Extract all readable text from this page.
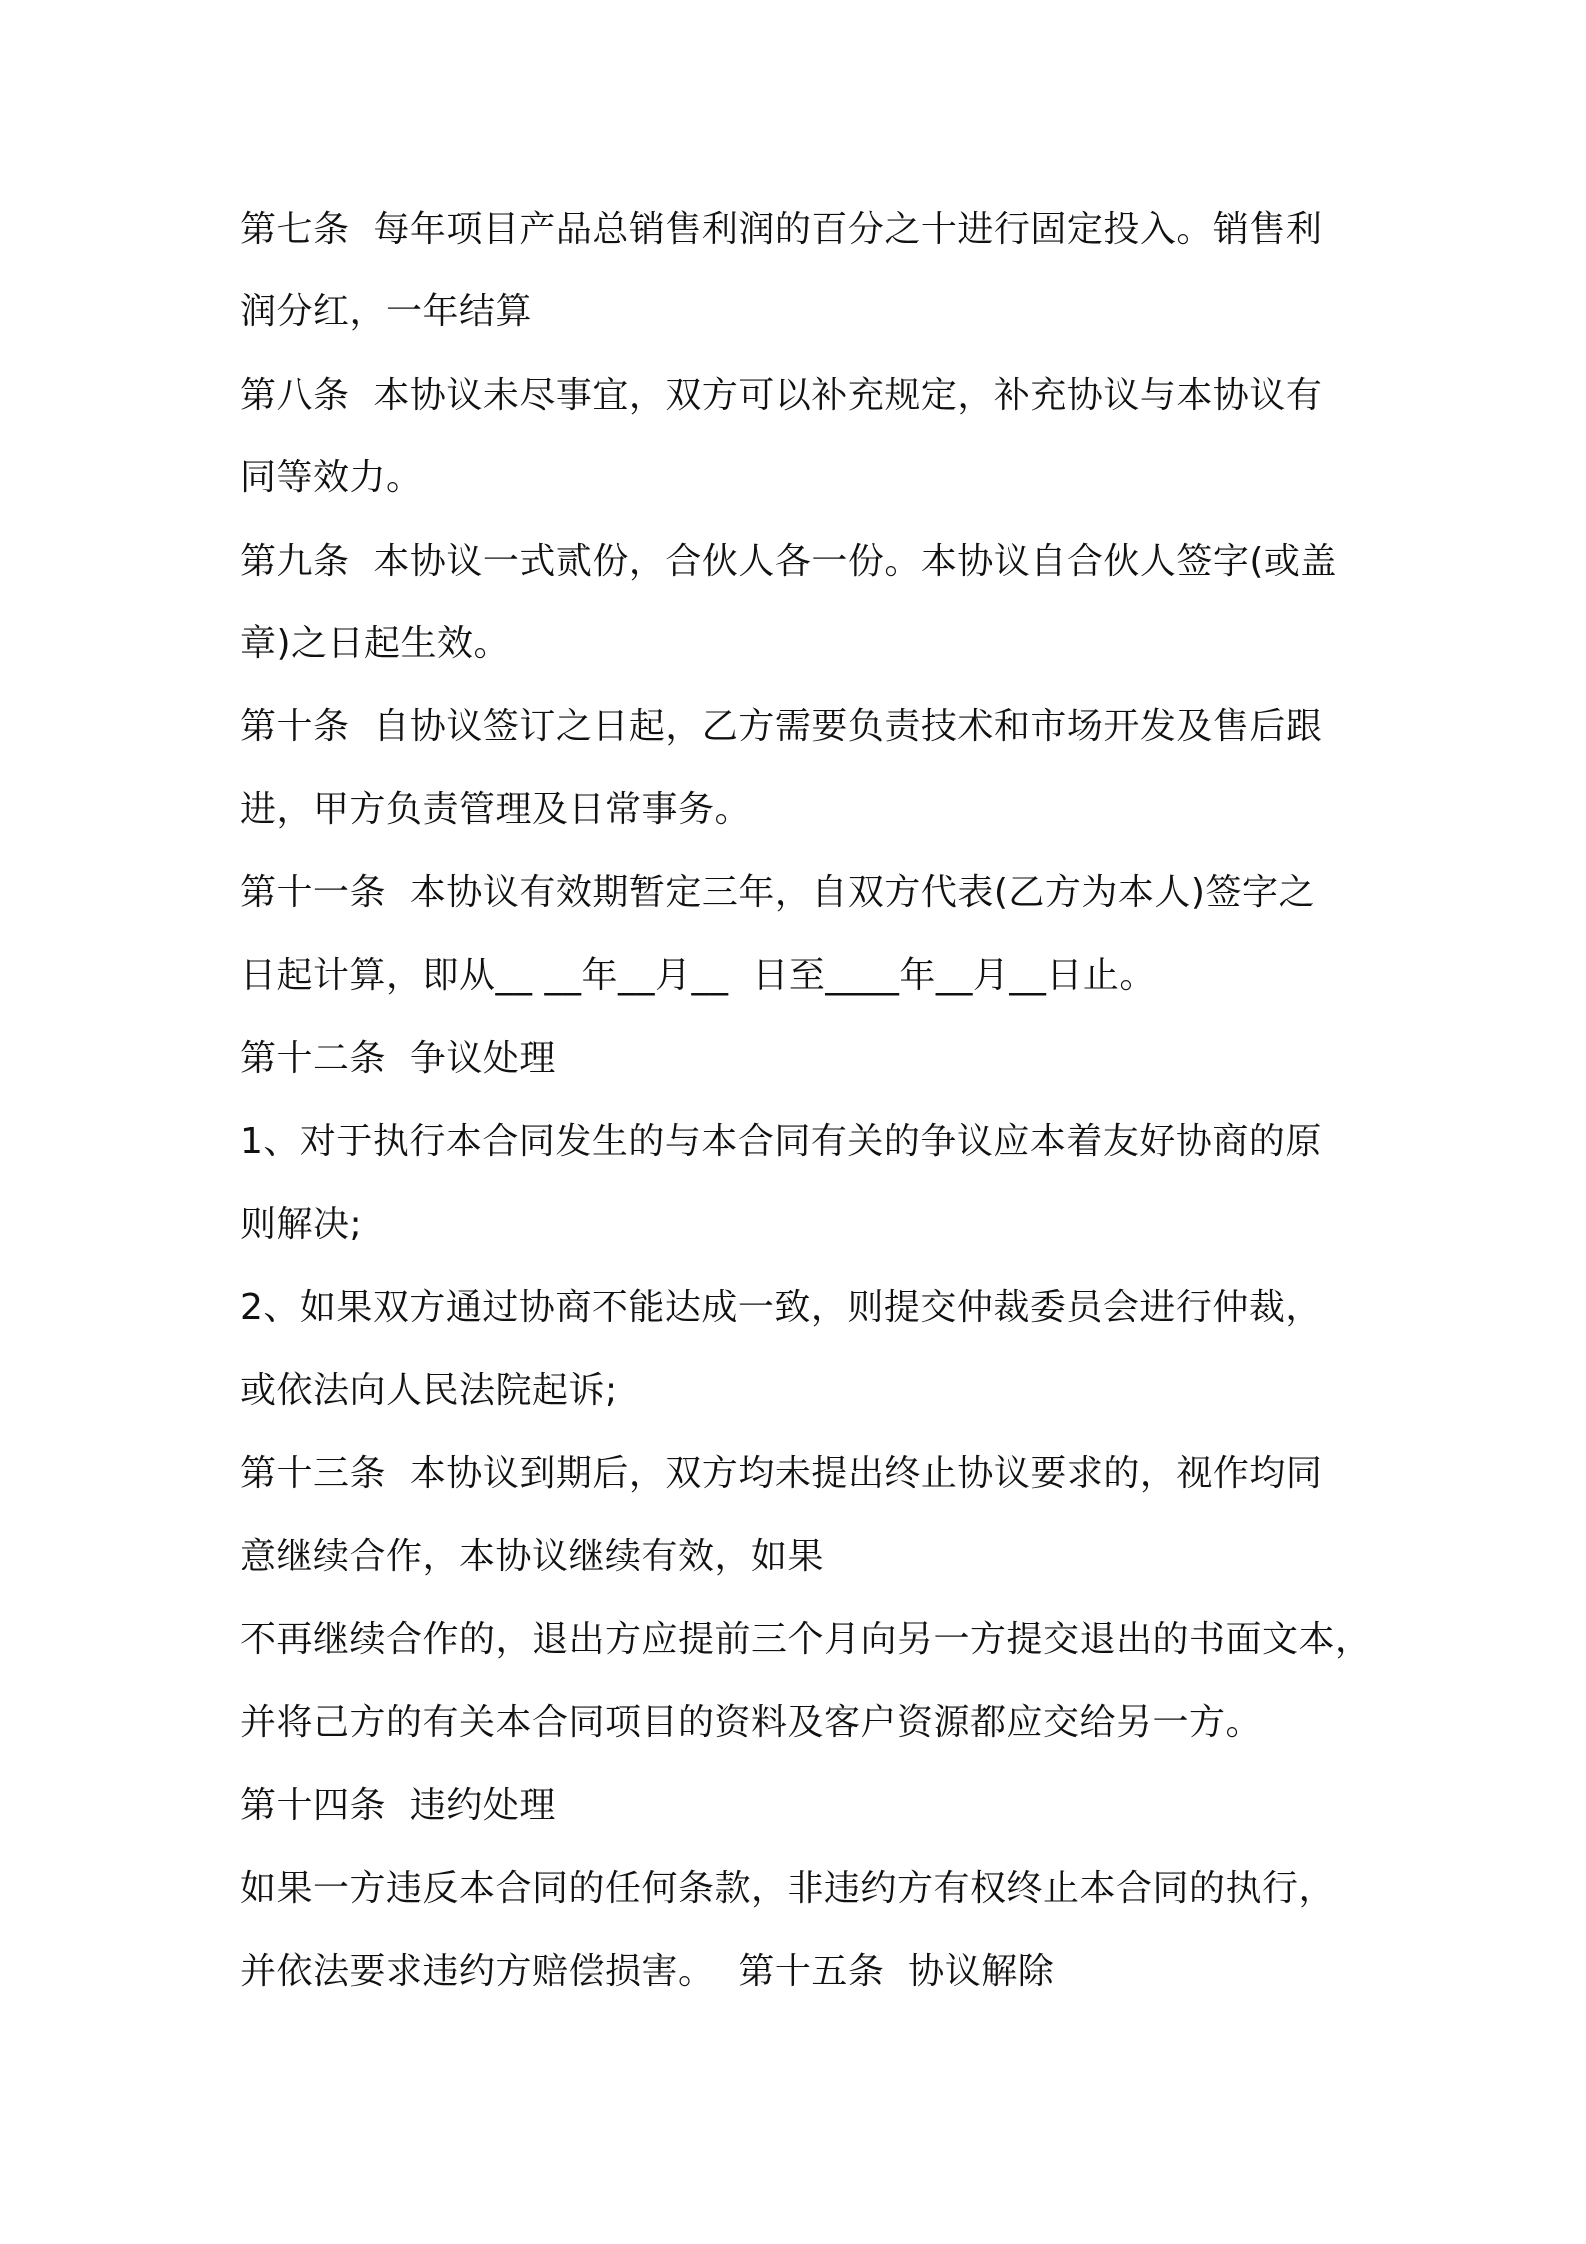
第七条  每年项目产品总销售利润的百分之十进行固定投入。销售利
润分红，一年结算
第八条  本协议未尽事宜，双方可以补充规定，补充协议与本协议有
同等效力。
第九条  本协议一式贰份，合伙人各一份。本协议自合伙人签字(或盖
章)之日起生效。
第十条  自协议签订之日起，乙方需要负责技术和市场开发及售后跟
进，甲方负责管理及日常事务。
第十一条  本协议有效期暂定三年，自双方代表(乙方为本人)签字之
日起计算，即从__ __年__月__  日至____年__月__日止。
第十二条  争议处理
1、对于执行本合同发生的与本合同有关的争议应本着友好协商的原
则解决;
2、如果双方通过协商不能达成一致，则提交仲裁委员会进行仲裁，
或依法向人民法院起诉;
第十三条  本协议到期后，双方均未提出终止协议要求的，视作均同
意继续合作，本协议继续有效，如果
不再继续合作的，退出方应提前三个月向另一方提交退出的书面文本，
并将己方的有关本合同项目的资料及客户资源都应交给另一方。
第十四条  违约处理
如果一方违反本合同的任何条款，非违约方有权终止本合同的执行，
并依法要求违约方赔偿损害。  第十五条  协议解除
